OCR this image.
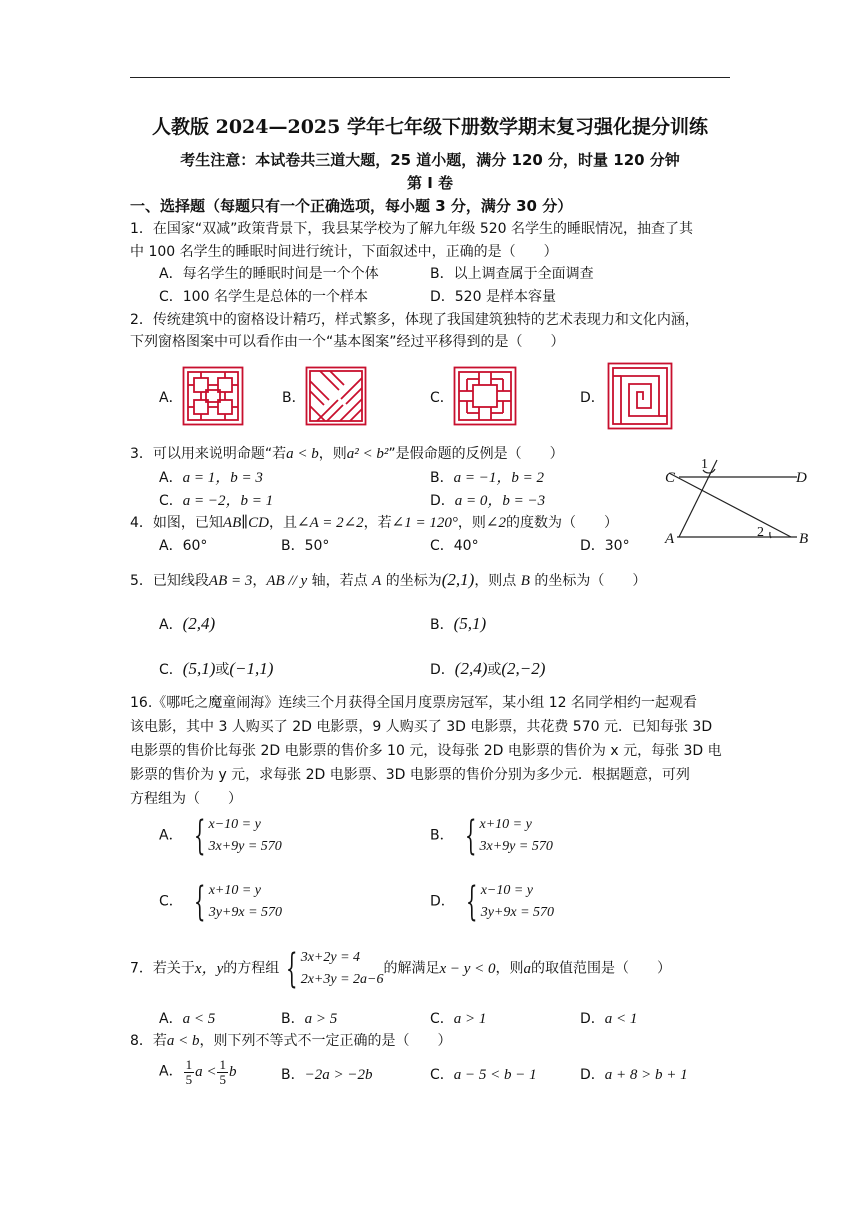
人教版 2024—2025 学年七年级下册数学期末复习强化提分训练
考生注意：本试卷共三道大题，25 道小题，满分 120 分，时量 120 分钟
第 I 卷
一、选择题（每题只有一个正确选项，每小题 3 分，满分 30 分）
1．在国家“双减”政策背景下，我县某学校为了解九年级 520 名学生的睡眠情况，抽查了其
中 100 名学生的睡眠时间进行统计，下面叙述中，正确的是（　　）
A．每名学生的睡眠时间是一个个体	B．以上调查属于全面调查
C．100 名学生是总体的一个样本	D．520 是样本容量
2．传统建筑中的窗格设计精巧，样式繁多，体现了我国建筑独特的艺术表现力和文化内涵，
下列窗格图案中可以看作由一个“基本图案”经过平移得到的是（　　）
A．	B．	C．	D．
3．可以用来说明命题“若a < b，则a² < b²”是假命题的反例是（　　）
A．a = 1，b = 3	B．a = −1，b = 2
C．a = −2，b = 1	D．a = 0，b = −3
C	D
A	B
1
2
4．如图，已知AB∥CD，且∠A = 2∠2，若∠1 = 120°，则∠2的度数为（　　）
A．60°	B．50°	C．40°	D．30°
5．已知线段AB = 3，AB // y 轴，若点 A 的坐标为(2,1)，则点 B 的坐标为（　　）
A．(2,4)	B．(5,1)
C．(5,1)或(−1,1)	D．(2,4)或(2,−2)
16.《哪吒之魔童闹海》连续三个月获得全国月度票房冠军，某小组 12 名同学相约一起观看
该电影，其中 3 人购买了 2D 电影票，9 人购买了 3D 电影票，共花费 570 元．已知每张 3D
电影票的售价比每张 2D 电影票的售价多 10 元，设每张 2D 电影票的售价为 x 元，每张 3D 电
影票的售价为 y 元，求每张 2D 电影票、3D 电影票的售价分别为多少元．根据题意，可列
方程组为（　　）
A． { x−10 = y
3x+9y = 570
B． { x+10 = y
3x+9y = 570
C． { x+10 = y
3y+9x = 570
D． { x−10 = y
3y+9x = 570
7．若关于x，y的方程组 { 3x+2y = 4
2x+3y = 2a−6
的解满足x − y < 0，则a的取值范围是（　　）
A．a < 5	B．a > 5	C．a > 1	D．a < 1
8．若a < b，则下列不等式不一定正确的是（　　）
A． $\frac{1}{5}$ $a < \frac{1}{5}$ b	B．−2a > −2b	C．a − 5 < b − 1	D．a + 8 > b + 1
